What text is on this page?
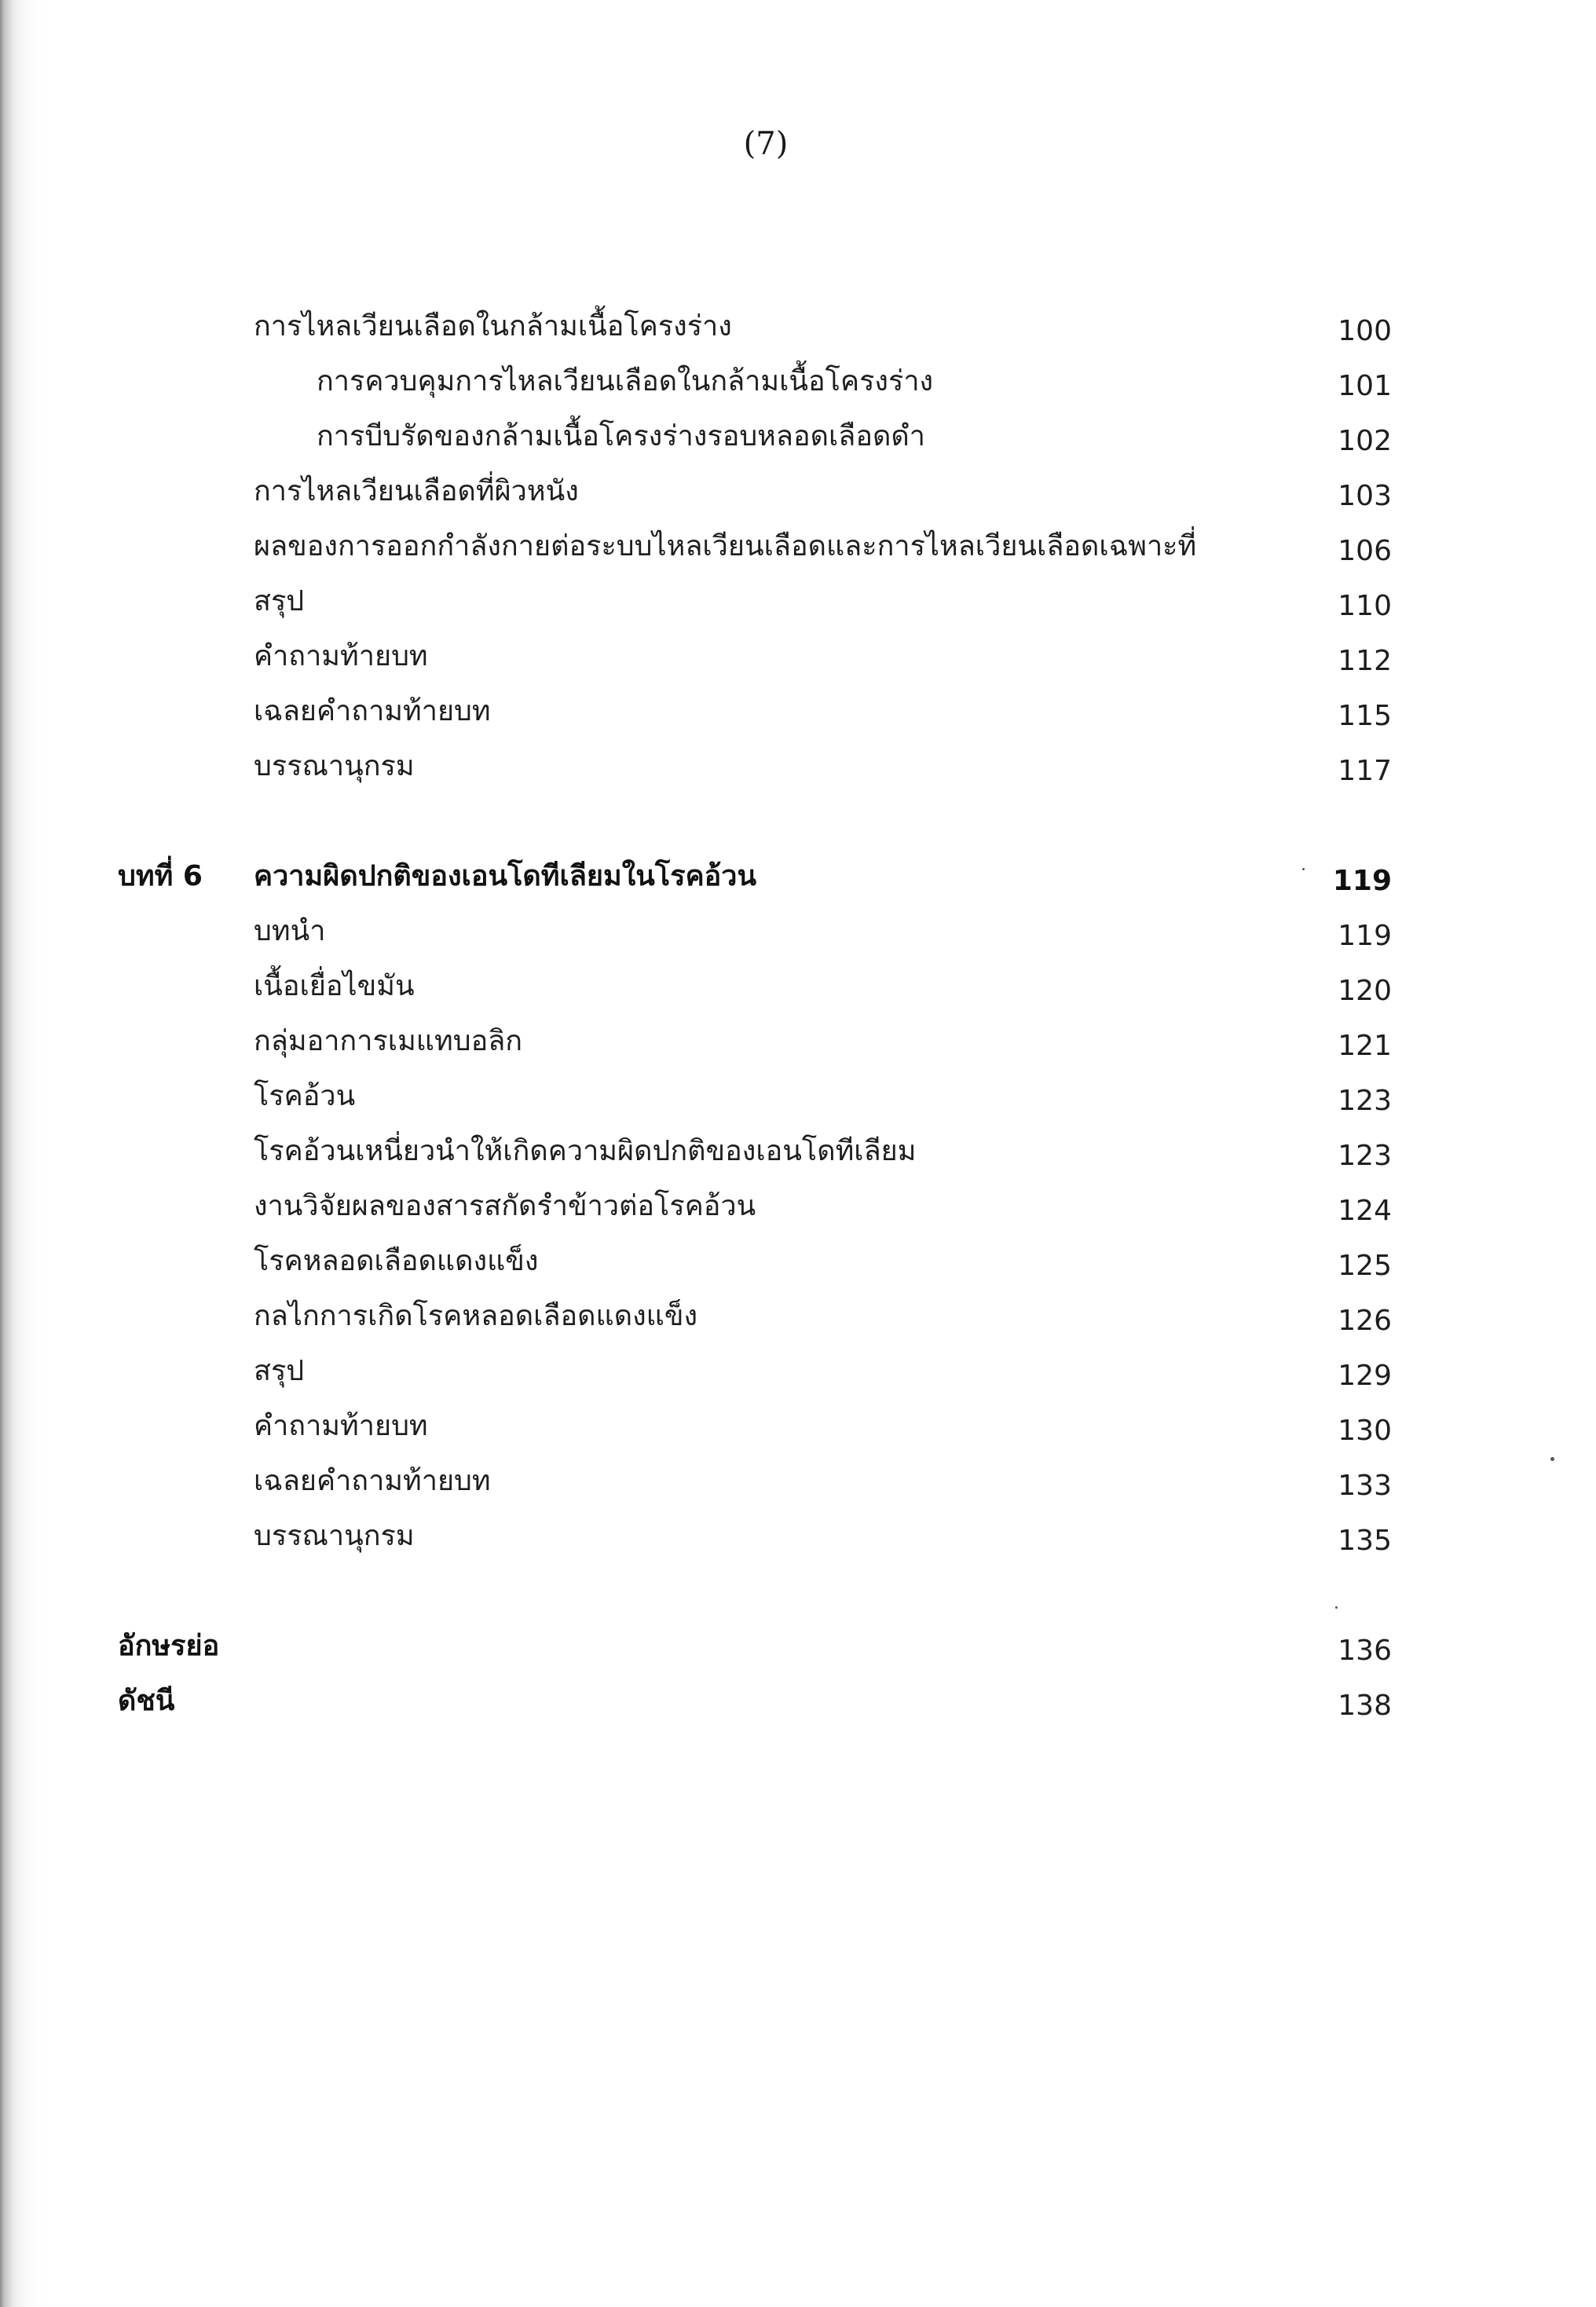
(7)
การไหลเวียนเลือดในกล้ามเนื้อโครงร่าง	100
การควบคุมการไหลเวียนเลือดในกล้ามเนื้อโครงร่าง	101
การบีบรัดของกล้ามเนื้อโครงร่างรอบหลอดเลือดดำ	102
การไหลเวียนเลือดที่ผิวหนัง	103
ผลของการออกกำลังกายต่อระบบไหลเวียนเลือดและการไหลเวียนเลือดเฉพาะที่	106
สรุป	110
คำถามท้ายบท	112
เฉลยคำถามท้ายบท	115
บรรณานุกรม	117
บทที่ 6 ความผิดปกติของเอนโดทีเลียมในโรคอ้วน	119
บทนำ	119
เนื้อเยื่อไขมัน	120
กลุ่มอาการเมแทบอลิก	121
โรคอ้วน	123
โรคอ้วนเหนี่ยวนำให้เกิดความผิดปกติของเอนโดทีเลียม	123
งานวิจัยผลของสารสกัดรำข้าวต่อโรคอ้วน	124
โรคหลอดเลือดแดงแข็ง	125
กลไกการเกิดโรคหลอดเลือดแดงแข็ง	126
สรุป	129
คำถามท้ายบท	130
เฉลยคำถามท้ายบท	133
บรรณานุกรม	135
อักษรย่อ	136
ดัชนี	138
